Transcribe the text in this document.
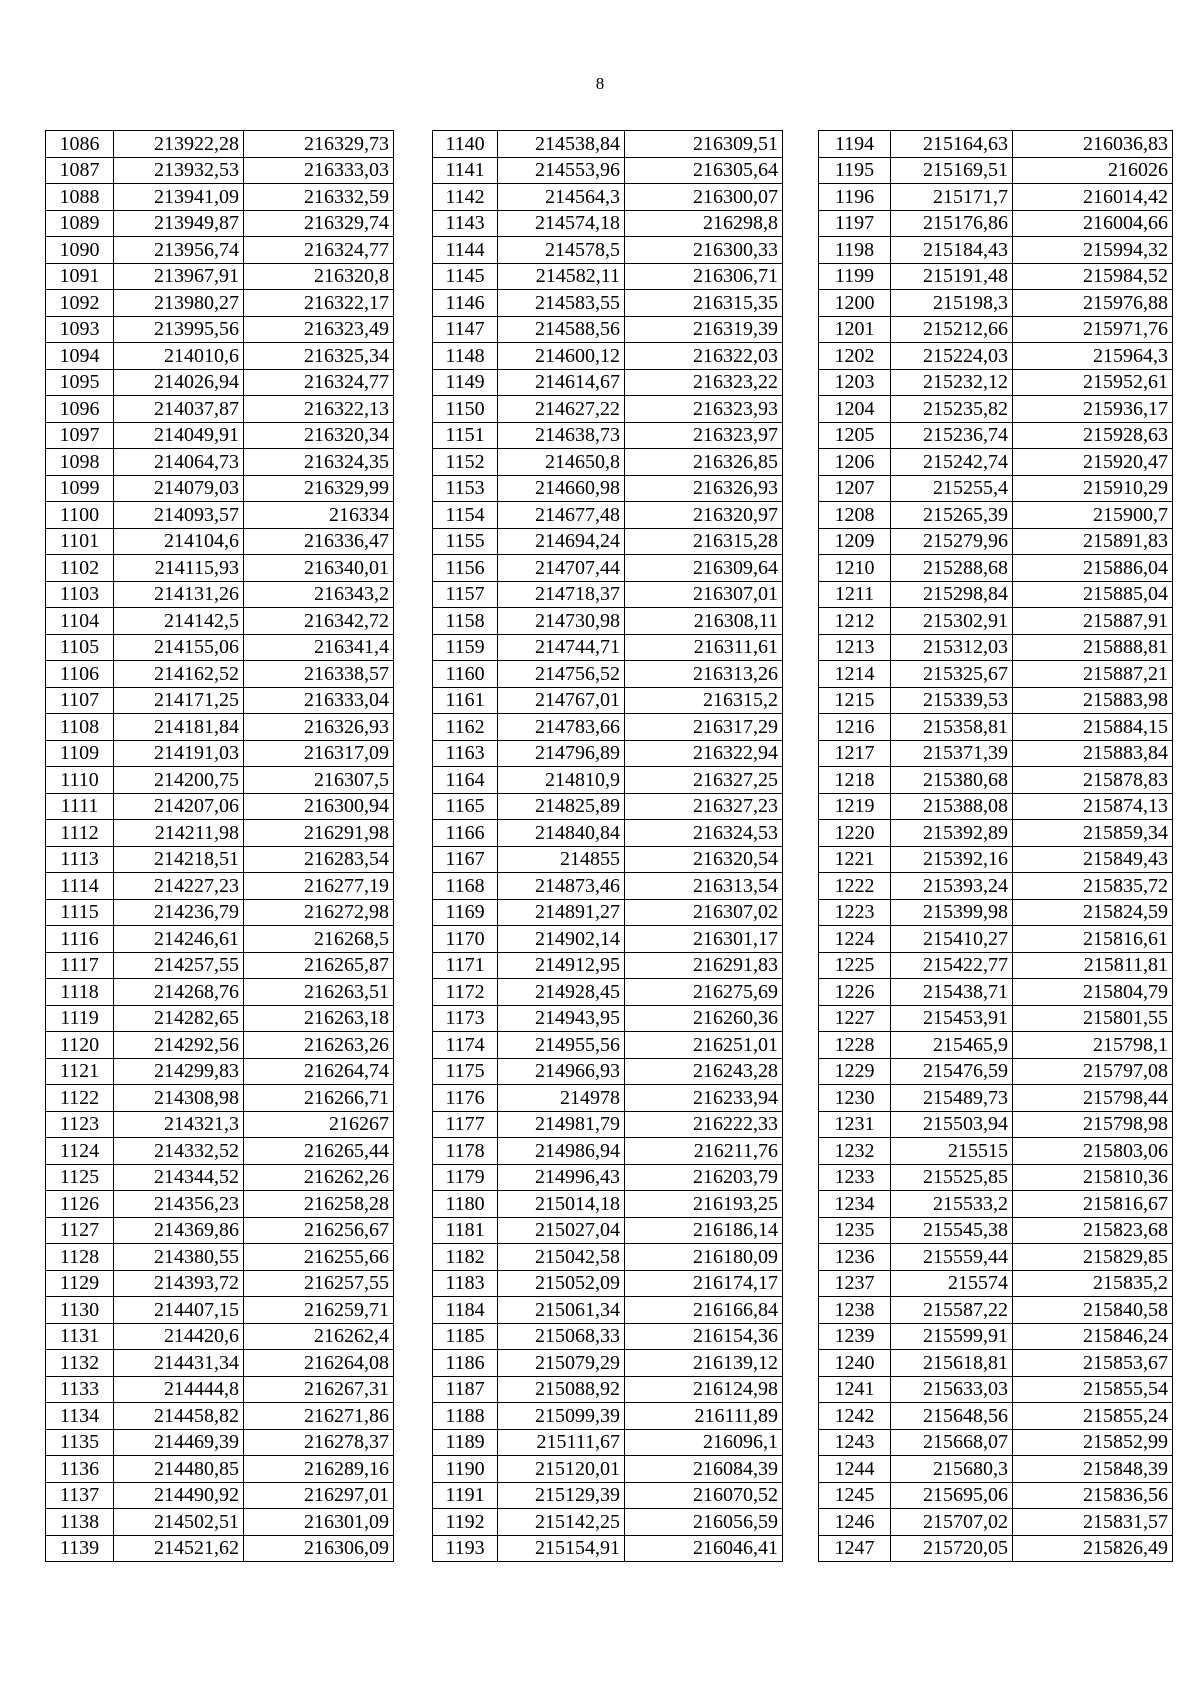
8
1086	213922,28	216329,73
1087	213932,53	216333,03
1088	213941,09	216332,59
1089	213949,87	216329,74
1090	213956,74	216324,77
1091	213967,91	216320,8
1092	213980,27	216322,17
1093	213995,56	216323,49
1094	214010,6	216325,34
1095	214026,94	216324,77
1096	214037,87	216322,13
1097	214049,91	216320,34
1098	214064,73	216324,35
1099	214079,03	216329,99
1100	214093,57	216334
1101	214104,6	216336,47
1102	214115,93	216340,01
1103	214131,26	216343,2
1104	214142,5	216342,72
1105	214155,06	216341,4
1106	214162,52	216338,57
1107	214171,25	216333,04
1108	214181,84	216326,93
1109	214191,03	216317,09
1110	214200,75	216307,5
1111	214207,06	216300,94
1112	214211,98	216291,98
1113	214218,51	216283,54
1114	214227,23	216277,19
1115	214236,79	216272,98
1116	214246,61	216268,5
1117	214257,55	216265,87
1118	214268,76	216263,51
1119	214282,65	216263,18
1120	214292,56	216263,26
1121	214299,83	216264,74
1122	214308,98	216266,71
1123	214321,3	216267
1124	214332,52	216265,44
1125	214344,52	216262,26
1126	214356,23	216258,28
1127	214369,86	216256,67
1128	214380,55	216255,66
1129	214393,72	216257,55
1130	214407,15	216259,71
1131	214420,6	216262,4
1132	214431,34	216264,08
1133	214444,8	216267,31
1134	214458,82	216271,86
1135	214469,39	216278,37
1136	214480,85	216289,16
1137	214490,92	216297,01
1138	214502,51	216301,09
1139	214521,62	216306,09
1140	214538,84	216309,51
1141	214553,96	216305,64
1142	214564,3	216300,07
1143	214574,18	216298,8
1144	214578,5	216300,33
1145	214582,11	216306,71
1146	214583,55	216315,35
1147	214588,56	216319,39
1148	214600,12	216322,03
1149	214614,67	216323,22
1150	214627,22	216323,93
1151	214638,73	216323,97
1152	214650,8	216326,85
1153	214660,98	216326,93
1154	214677,48	216320,97
1155	214694,24	216315,28
1156	214707,44	216309,64
1157	214718,37	216307,01
1158	214730,98	216308,11
1159	214744,71	216311,61
1160	214756,52	216313,26
1161	214767,01	216315,2
1162	214783,66	216317,29
1163	214796,89	216322,94
1164	214810,9	216327,25
1165	214825,89	216327,23
1166	214840,84	216324,53
1167	214855	216320,54
1168	214873,46	216313,54
1169	214891,27	216307,02
1170	214902,14	216301,17
1171	214912,95	216291,83
1172	214928,45	216275,69
1173	214943,95	216260,36
1174	214955,56	216251,01
1175	214966,93	216243,28
1176	214978	216233,94
1177	214981,79	216222,33
1178	214986,94	216211,76
1179	214996,43	216203,79
1180	215014,18	216193,25
1181	215027,04	216186,14
1182	215042,58	216180,09
1183	215052,09	216174,17
1184	215061,34	216166,84
1185	215068,33	216154,36
1186	215079,29	216139,12
1187	215088,92	216124,98
1188	215099,39	216111,89
1189	215111,67	216096,1
1190	215120,01	216084,39
1191	215129,39	216070,52
1192	215142,25	216056,59
1193	215154,91	216046,41
1194	215164,63	216036,83
1195	215169,51	216026
1196	215171,7	216014,42
1197	215176,86	216004,66
1198	215184,43	215994,32
1199	215191,48	215984,52
1200	215198,3	215976,88
1201	215212,66	215971,76
1202	215224,03	215964,3
1203	215232,12	215952,61
1204	215235,82	215936,17
1205	215236,74	215928,63
1206	215242,74	215920,47
1207	215255,4	215910,29
1208	215265,39	215900,7
1209	215279,96	215891,83
1210	215288,68	215886,04
1211	215298,84	215885,04
1212	215302,91	215887,91
1213	215312,03	215888,81
1214	215325,67	215887,21
1215	215339,53	215883,98
1216	215358,81	215884,15
1217	215371,39	215883,84
1218	215380,68	215878,83
1219	215388,08	215874,13
1220	215392,89	215859,34
1221	215392,16	215849,43
1222	215393,24	215835,72
1223	215399,98	215824,59
1224	215410,27	215816,61
1225	215422,77	215811,81
1226	215438,71	215804,79
1227	215453,91	215801,55
1228	215465,9	215798,1
1229	215476,59	215797,08
1230	215489,73	215798,44
1231	215503,94	215798,98
1232	215515	215803,06
1233	215525,85	215810,36
1234	215533,2	215816,67
1235	215545,38	215823,68
1236	215559,44	215829,85
1237	215574	215835,2
1238	215587,22	215840,58
1239	215599,91	215846,24
1240	215618,81	215853,67
1241	215633,03	215855,54
1242	215648,56	215855,24
1243	215668,07	215852,99
1244	215680,3	215848,39
1245	215695,06	215836,56
1246	215707,02	215831,57
1247	215720,05	215826,49
